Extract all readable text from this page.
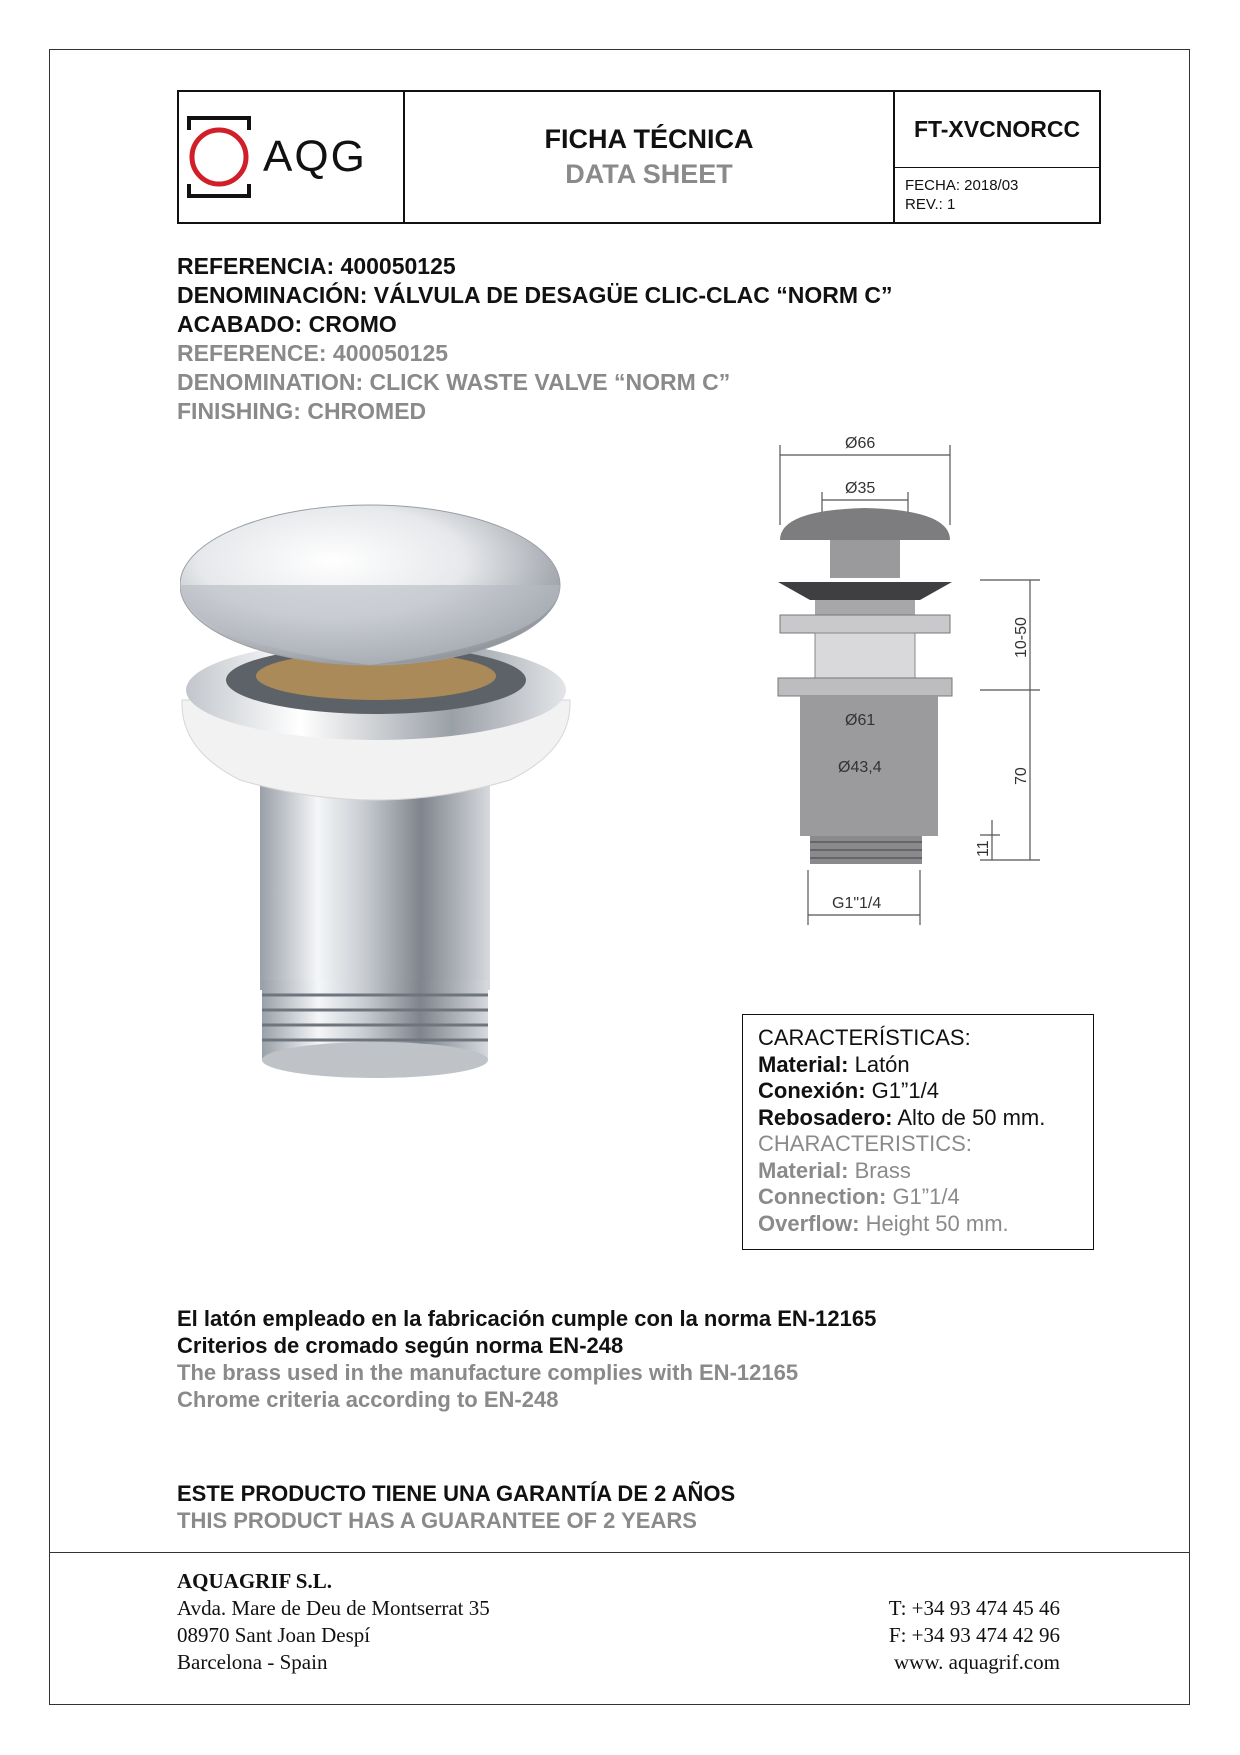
AQG	FICHA TÉCNICA
DATA SHEET
FT-XVCNORCC
FECHA: 2018/03
REV.: 1
REFERENCIA: 400050125
DENOMINACIÓN: VÁLVULA DE DESAGÜE CLIC-CLAC “NORM C”
ACABADO: CROMO
REFERENCE: 400050125
DENOMINATION: CLICK WASTE VALVE “NORM C”
FINISHING: CHROMED
Ø66
Ø35
Ø61
Ø43,4
G1"1/4
10-50
70
11
CARACTERÍSTICAS:
Material: Latón
Conexión: G1”1/4
Rebosadero: Alto de 50 mm.
CHARACTERISTICS:
Material: Brass
Connection: G1”1/4
Overflow: Height 50 mm.
El latón empleado en la fabricación cumple con la norma EN-12165
Criterios de cromado según norma EN-248
The brass used in the manufacture complies with EN-12165
Chrome criteria according to EN-248
ESTE PRODUCTO TIENE UNA GARANTÍA DE 2 AÑOS
THIS PRODUCT HAS A GUARANTEE OF 2 YEARS
AQUAGRIF S.L.
Avda. Mare de Deu de Montserrat 35
08970 Sant Joan Despí
Barcelona - Spain
T: +34 93 474 45 46
F: +34 93 474 42 96
www. aquagrif.com
